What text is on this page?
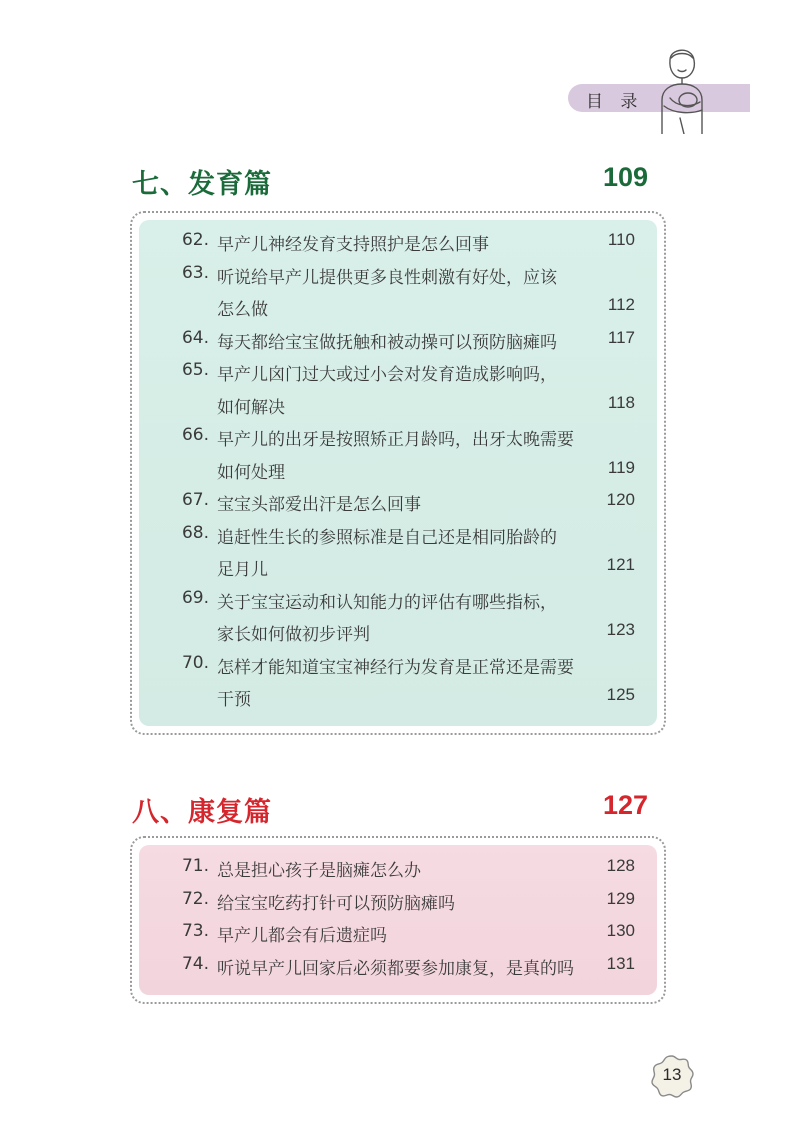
目 录
七、发育篇	109
62. 早产儿神经发育支持照护是怎么回事	110
63. 听说给早产儿提供更多良性刺激有好处，应该
怎么做	112
64. 每天都给宝宝做抚触和被动操可以预防脑瘫吗	117
65. 早产儿囟门过大或过小会对发育造成影响吗，
如何解决	118
66. 早产儿的出牙是按照矫正月龄吗，出牙太晚需要
如何处理	119
67. 宝宝头部爱出汗是怎么回事	120
68. 追赶性生长的参照标准是自己还是相同胎龄的
足月儿	121
69. 关于宝宝运动和认知能力的评估有哪些指标，
家长如何做初步评判	123
70. 怎样才能知道宝宝神经行为发育是正常还是需要
干预	125
八、康复篇	127
71. 总是担心孩子是脑瘫怎么办	128
72. 给宝宝吃药打针可以预防脑瘫吗	129
73. 早产儿都会有后遗症吗	130
74. 听说早产儿回家后必须都要参加康复，是真的吗 131
13
